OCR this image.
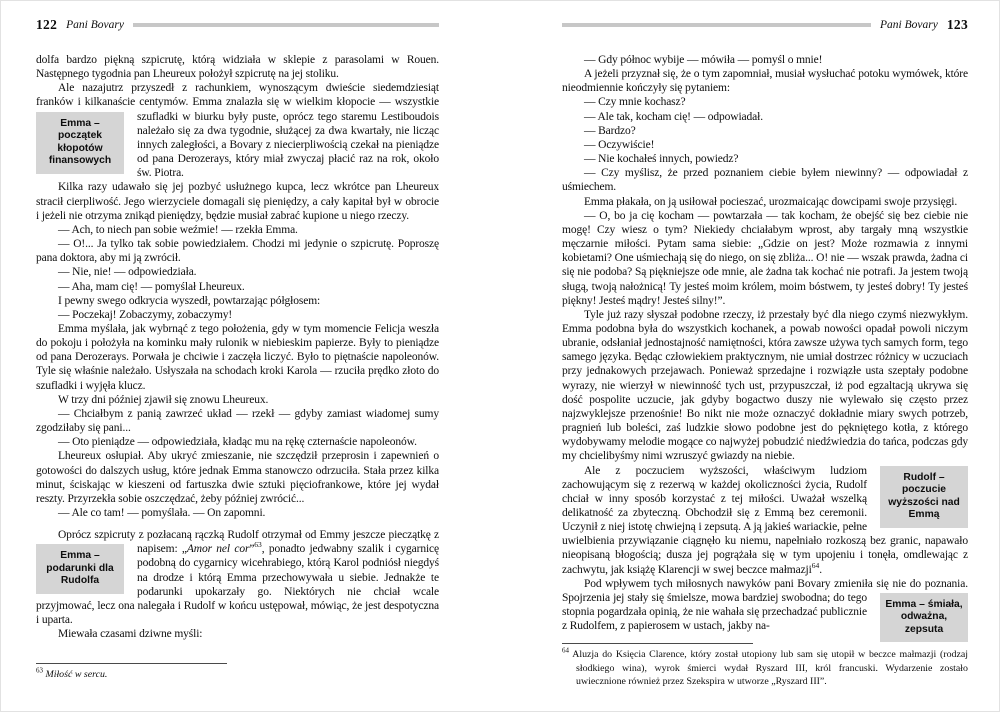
122 Pani Bovary

dolfa bardzo piękną szpicrutę, którą widziała w sklepie z parasolami w Rouen. Następnego tygodnia pan Lheureux położył szpicrutę na jej stoliku.

Ale nazajutrz przyszedł z rachunkiem, wynoszącym dwieście siedemdziesiąt franków i kilkanaście centymów. Emma znalazła się w wielkim kłopocie — wszystkie
Emma – początek kłopotów finansowych
szufladki w biurku były puste, oprócz tego staremu Lestiboudois należało się za dwa tygodnie, służącej za dwa kwartały, nie licząc innych zaległości, a Bovary z niecierpliwością czekał na pieniądze od pana Derozerays, który miał zwyczaj płacić raz na rok, około św. Piotra.

Kilka razy udawało się jej pozbyć usłużnego kupca, lecz wkrótce pan Lheureux stracił cierpliwość. Jego wierzyciele domagali się pieniędzy, a cały kapitał był w obrocie i jeżeli nie otrzyma znikąd pieniędzy, będzie musiał zabrać kupione u niego rzeczy.

— Ach, to niech pan sobie weźmie! — rzekła Emma.

— O!... Ja tylko tak sobie powiedziałem. Chodzi mi jedynie o szpicrutę. Poproszę pana doktora, aby mi ją zwrócił.

— Nie, nie! — odpowiedziała.

— Aha, mam cię! — pomyślał Lheureux.

I pewny swego odkrycia wyszedł, powtarzając półgłosem:

— Poczekaj! Zobaczymy, zobaczymy!

Emma myślała, jak wybrnąć z tego położenia, gdy w tym momencie Felicja weszła do pokoju i położyła na kominku mały rulonik w niebieskim papierze. Były to pieniądze od pana Derozerays. Porwała je chciwie i zaczęła liczyć. Było to piętnaście napoleonów. Tyle się właśnie należało. Usłyszała na schodach kroki Karola — rzuciła prędko złoto do szufladki i wyjęła klucz.

W trzy dni później zjawił się znowu Lheureux.

— Chciałbym z panią zawrzeć układ — rzekł — gdyby zamiast wiadomej sumy zgodziłaby się pani...

— Oto pieniądze — odpowiedziała, kładąc mu na rękę czternaście napoleonów.

Lheureux osłupiał. Aby ukryć zmieszanie, nie szczędził przeprosin i zapewnień o gotowości do dalszych usług, które jednak Emma stanowczo odrzuciła. Stała przez kilka minut, ściskając w kieszeni od fartuszka dwie sztuki pięciofrankowe, które jej wydał reszty. Przyrzekła sobie oszczędzać, żeby później zwrócić...

— Ale co tam! — pomyślała. — On zapomni.

Oprócz szpicruty z pozłacaną rączką Rudolf otrzymał od Emmy jeszcze
Emma – podarunki dla Rudolfa
pieczątkę z napisem: „Amor nel cor”$^{63}$, ponadto jedwabny szalik i cygarnicę podobną do cygarnicy wicehrabiego, którą Karol podniósł niegdyś na drodze i którą Emma przechowywała u siebie. Jednakże te podarunki upokarzały go. Niektórych nie chciał wcale przyjmować, lecz ona nalegała i Rudolf w końcu ustępował, mówiąc, że jest despotyczna i uparta.

Miewała czasami dziwne myśli:

$^{63}$ Miłość w sercu.

Pani Bovary 123

— Gdy północ wybije — mówiła — pomyśl o mnie!

A jeżeli przyznał się, że o tym zapomniał, musiał wysłuchać potoku wymówek, które nieodmiennie kończyły się pytaniem:

— Czy mnie kochasz?

— Ale tak, kocham cię! — odpowiadał.

— Bardzo?

— Oczywiście!

— Nie kochałeś innych, powiedz?

— Czy myślisz, że przed poznaniem ciebie byłem niewinny? — odpowiadał z uśmiechem.

Emma płakała, on ją usiłował pocieszać, urozmaicając dowcipami swoje przysięgi.

— O, bo ja cię kocham — powtarzała — tak kocham, że obejść się bez ciebie nie mogę! Czy wiesz o tym? Niekiedy chciałabym wprost, aby targały mną wszystkie męczarnie miłości. Pytam sama siebie: „Gdzie on jest? Może rozmawia z innymi kobietami? One uśmiechają się do niego, on się zbliża... O! nie — wszak prawda, żadna ci się nie podoba? Są piękniejsze ode mnie, ale żadna tak kochać nie potrafi. Ja jestem twoją sługą, twoją nałożnicą! Ty jesteś moim królem, moim bóstwem, ty jesteś dobry! Ty jesteś piękny! Jesteś mądry! Jesteś silny!”.

Tyle już razy słyszał podobne rzeczy, iż przestały być dla niego czymś niezwykłym. Emma podobna była do wszystkich kochanek, a powab nowości opadał powoli niczym ubranie, odsłaniał jednostajność namiętności, która zawsze używa tych samych form, tego samego języka. Będąc człowiekiem praktycznym, nie umiał dostrzec różnicy w uczuciach przy jednakowych przejawach. Ponieważ sprzedajne i rozwiązłe usta szeptały podobne wyrazy, nie wierzył w niewinność tych ust, przypuszczał, iż pod egzaltacją ukrywa się dość pospolite uczucie, jak gdyby bogactwo duszy nie wylewało się często przez najzwyklejsze przenośnie! Bo nikt nie może oznaczyć dokładnie miary swych potrzeb, pragnień lub boleści, zaś ludzkie słowo podobne jest do pękniętego kotła, z którego wydobywamy melodie mogące co najwyżej pobudzić niedźwiedzia do tańca, podczas gdy my chcielibyśmy nimi wzruszyć gwiazdy na niebie.

Rudolf – poczucie wyższości nad Emmą
Ale z poczuciem wyższości, właściwym ludziom zachowującym się z rezerwą w każdej okoliczności życia, Rudolf chciał w inny sposób korzystać z tej miłości. Uważał wszelką delikatność za zbyteczną. Obchodził się z Emmą bez ceremonii. Uczynił z niej istotę chwiejną i zepsutą. A ją jakieś wariackie, pełne uwielbienia przywiązanie ciągnęło ku niemu, napełniało rozkoszą bez granic, napawało nieopisaną błogością; dusza jej pogrążała się w tym upojeniu i tonęła, omdlewając z zachwytu, jak książę Klarencji w swej beczce małmazji$^{64}$.

Pod wpływem tych miłosnych nawyków pani Bovary zmieniła się nie do poznania.
Emma – śmiała, odważna, zepsuta
Spojrzenia jej stały się śmielsze, mowa bardziej swobodna; do tego stopnia pogardzała opinią, że nie wahała się przechadzać publicznie z Rudolfem, z papierosem w ustach, jakby na-

$^{64}$ Aluzja do Księcia Clarence, który został utopiony lub sam się utopił w beczce małmazji (rodzaj słodkiego wina), wyrok śmierci wydał Ryszard III, król francuski. Wydarzenie zostało uwiecznione również przez Szekspira w utworze „Ryszard III”.
